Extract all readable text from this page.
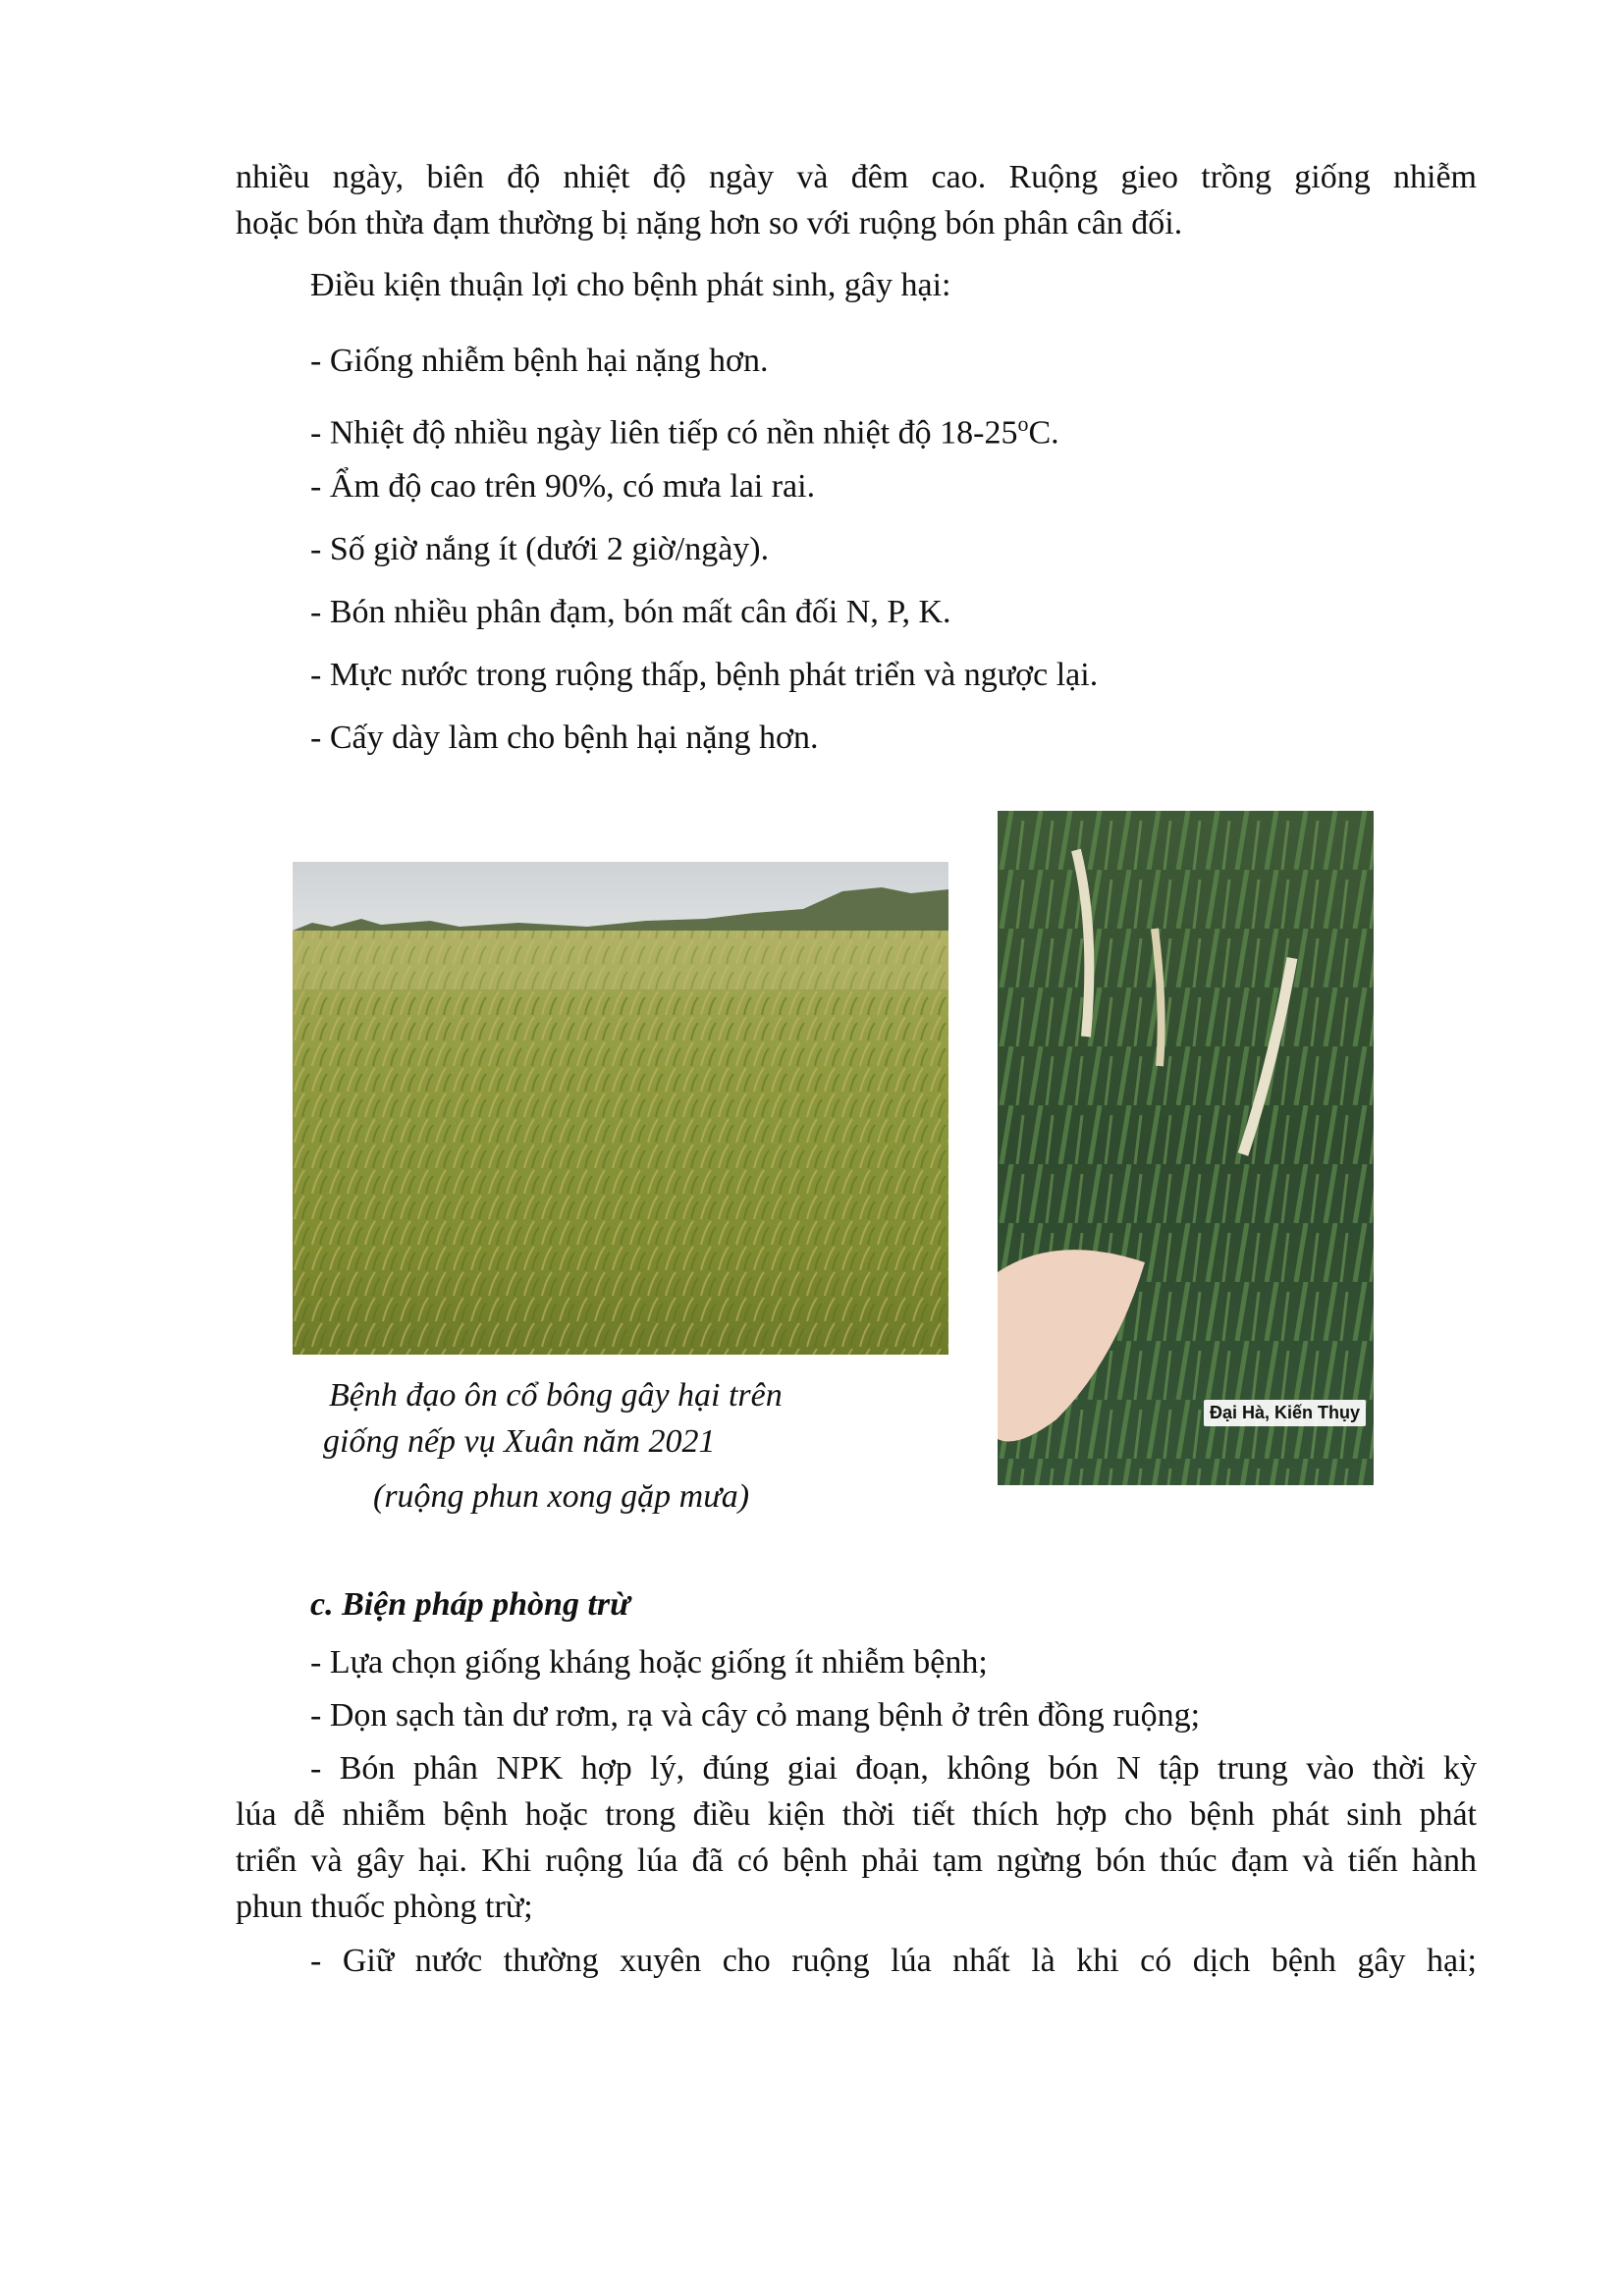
nhiều ngày, biên độ nhiệt độ ngày và đêm cao. Ruộng gieo trồng giống nhiễm
hoặc bón thừa đạm thường bị nặng hơn so với ruộng bón phân cân đối.
Điều kiện thuận lợi cho bệnh phát sinh, gây hại:
- Giống nhiễm bệnh hại nặng hơn.
- Nhiệt độ nhiều ngày liên tiếp có nền nhiệt độ 18-25$^o$C.
- Ẩm độ cao trên 90%, có mưa lai rai.
- Số giờ nắng ít (dưới 2 giờ/ngày).
- Bón nhiều phân đạm, bón mất cân đối N, P, K.
- Mực nước trong ruộng thấp, bệnh phát triển và ngược lại.
- Cấy dày làm cho bệnh hại nặng hơn.
Đại Hà, Kiến Thụy
Bệnh đạo ôn cổ bông gây hại trên
giống nếp vụ Xuân năm 2021
(ruộng phun xong gặp mưa)
c. Biện pháp phòng trừ
- Lựa chọn giống kháng hoặc giống ít nhiễm bệnh;
- Dọn sạch tàn dư rơm, rạ và cây cỏ mang bệnh ở trên đồng ruộng;
- Bón phân NPK hợp lý, đúng giai đoạn, không bón N tập trung vào thời kỳ
lúa dễ nhiễm bệnh hoặc trong điều kiện thời tiết thích hợp cho bệnh phát sinh phát
triển và gây hại. Khi ruộng lúa đã có bệnh phải tạm ngừng bón thúc đạm và tiến hành
phun thuốc phòng trừ;
- Giữ nước thường xuyên cho ruộng lúa nhất là khi có dịch bệnh gây hại;
